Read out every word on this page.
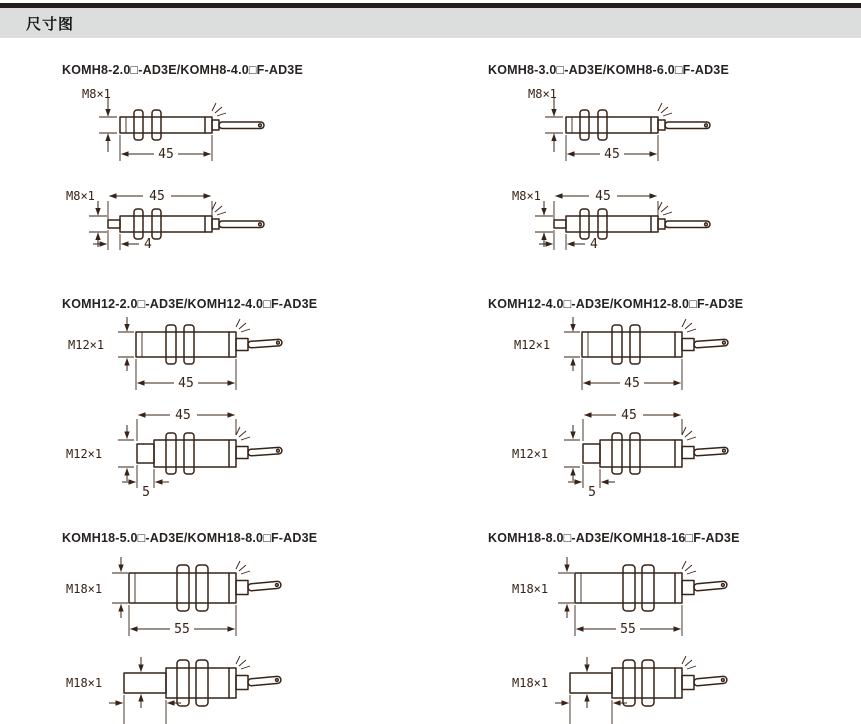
尺寸图
KOMH8-2.0□-AD3E/KOMH8-4.0□F-AD3E
M8×1
45
M8×1	45
4
KOMH8-3.0□-AD3E/KOMH8-6.0□F-AD3E
M8×1
45
M8×1	45
4
KOMH12-2.0□-AD3E/KOMH12-4.0□F-AD3E
M12×1
45
M12×1
45
5
KOMH12-4.0□-AD3E/KOMH12-8.0□F-AD3E
M12×1
45
M12×1
45
5
KOMH18-5.0□-AD3E/KOMH18-8.0□F-AD3E
M18×1
55
M18×1
KOMH18-8.0□-AD3E/KOMH18-16□F-AD3E
M18×1
55
M18×1
